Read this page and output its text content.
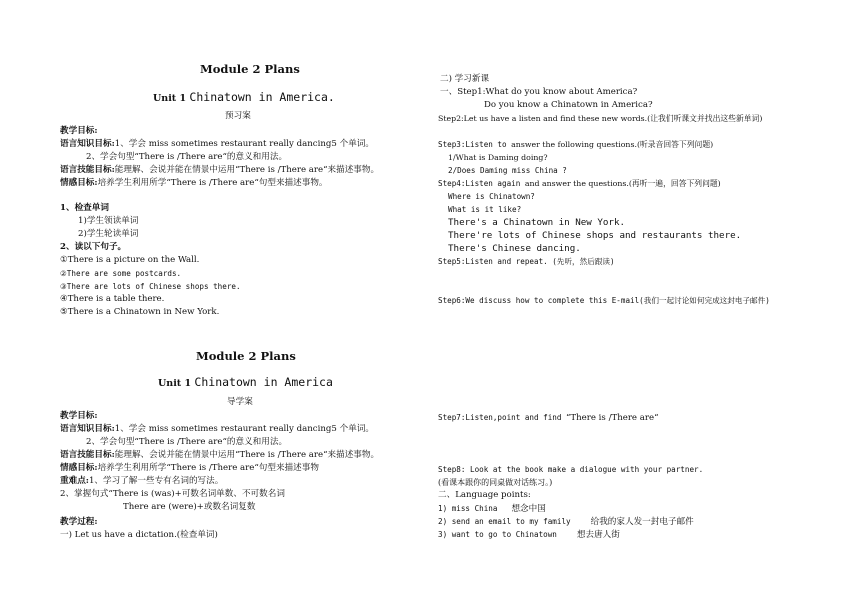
Module 2 Plans
Unit 1 Chinatown in America.
预习案
教学目标:
语言知识目标:1、学会 miss sometimes restaurant really dancing5 个单词。
2、学会句型“There is /There are“的意义和用法。
语言技能目标:能理解、会说并能在情景中运用“There is /There are“来描述事物。
情感目标:培养学生利用所学“There is /There are“句型来描述事物。
1、检查单词
1)学生领读单词
2)学生轮读单词
2、读以下句子。
①There is a picture on the Wall.
②There are some postcards.
③There are lots of Chinese shops there.
④There is a table there.
⑤There is a Chinatown in New York.
Module 2 Plans
Unit 1 Chinatown in America
导学案
教学目标:
语言知识目标:1、学会 miss sometimes restaurant really dancing5 个单词。
2、学会句型“There is /There are“的意义和用法。
语言技能目标:能理解、会说并能在情景中运用“There is /There are“来描述事物。
情感目标:培养学生利用所学“There is /There are“句型来描述事物
重难点:1、学习了解一些专有名词的写法。
2、掌握句式“There is (was)+可数名词单数、不可数名词
There are (were)+或数名词复数
教学过程:
一) Let us have a dictation.(检查单词)
二) 学习新课
一、Step1:What do you know about America?
Do you know a Chinatown in America?
Step2:Let us have a listen and find these new words.(让我们听课文并找出这些新单词)
Step3:Listen to answer the following questions.(听录音回答下列问题)
1/What is Daming doing?
2/Does Daming miss China ?
Step4:Listen again and answer the questions.(再听一遍，回答下列问题)
Where is Chinatown?
What is it like?
There's a Chinatown in New York.
There're lots of Chinese shops and restaurants there.
There's Chinese dancing.
Step5:Listen and repeat. (先听，然后跟读)
Step6:We discuss how to complete this E-mail(我们一起讨论如何完成这封电子邮件)
Step7:Listen,point and find “There is /There are“
Step8: Look at the book make a dialogue with your partner.
(看课本跟你的同桌做对话练习。)
二、Language points:
1) miss China 想念中国
2) send an email to my family 给我的家人发一封电子邮件
3) want to go to Chinatown 想去唐人街
